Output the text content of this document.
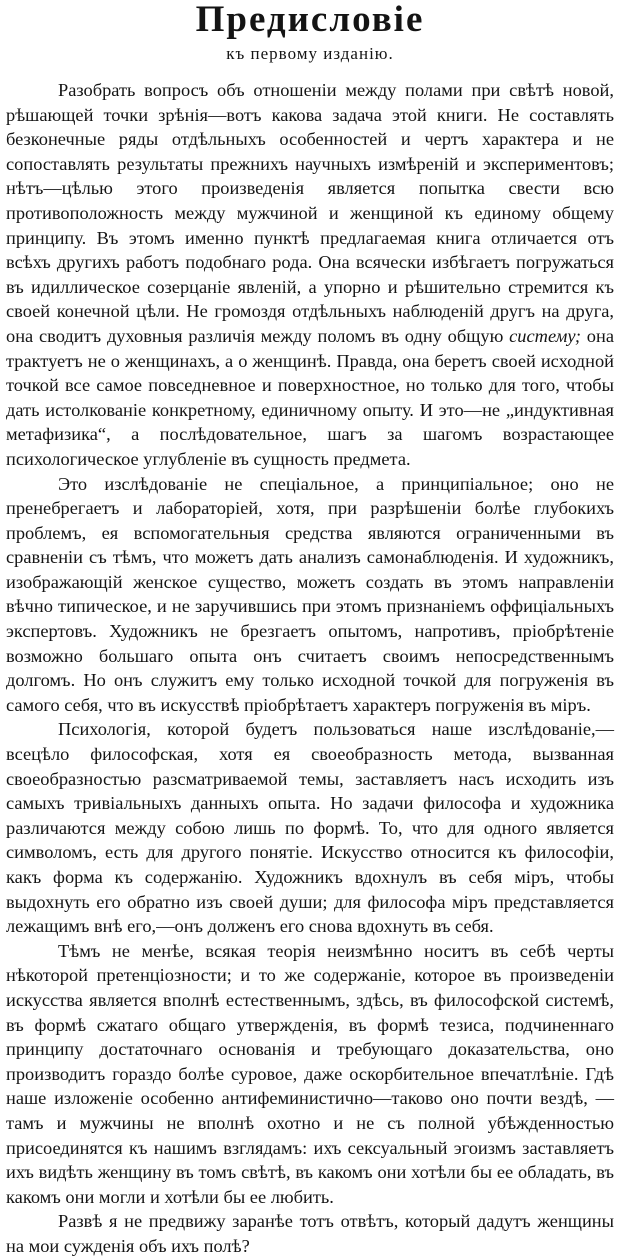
Предисловіе
къ первому изданію.

Разобрать вопросъ объ отношеніи между полами при свѣтѣ новой, рѣшающей точки зрѣнія—вотъ какова задача этой книги. Не составлять безконечные ряды отдѣльныхъ особенностей и чертъ характера и не сопоставлять результаты прежнихъ научныхъ измѣреній и экспериментовъ; нѣтъ—цѣлью этого произведенія является попытка свести всю противоположность между мужчиной и женщиной къ единому общему принципу. Въ этомъ именно пунктѣ предлагаемая книга отличается отъ всѣхъ другихъ работъ подобнаго рода. Она всячески избѣгаетъ погружаться въ идиллическое созерцаніе явленій, а упорно и рѣшительно стремится къ своей конечной цѣли. Не громоздя отдѣльныхъ наблюденій другъ на друга, она сводитъ духовныя различія между поломъ въ одну общую систему; она трактуетъ не о женщинахъ, а о женщинѣ. Правда, она беретъ своей исходной точкой все самое повседневное и поверхностное, но только для того, чтобы дать истолкованіе конкретному, единичному опыту. И это—не „индуктивная метафизика“, а послѣдовательное, шагъ за шагомъ возрастающее психологическое углубленіе въ сущность предмета.

Это изслѣдованіе не спеціальное, а принципіальное; оно не пренебрегаетъ и лабораторіей, хотя, при разрѣшеніи болѣе глубокихъ проблемъ, ея вспомогательныя средства являются ограниченными въ сравненіи съ тѣмъ, что можетъ дать анализъ самонаблюденія. И художникъ, изображающій женское существо, можетъ создать въ этомъ направленіи вѣчно типическое, и не заручившись при этомъ признаніемъ оффиціальныхъ экспертовъ. Художникъ не брезгаетъ опытомъ, напротивъ, пріобрѣтеніе возможно большаго опыта онъ считаетъ своимъ непосредственнымъ долгомъ. Но онъ служитъ ему только исходной точкой для погруженія въ самого себя, что въ искусствѣ пріобрѣтаетъ характеръ погруженія въ міръ.

Психологія, которой будетъ пользоваться наше изслѣдованіе,—всецѣло философская, хотя ея своеобразность метода, вызванная своеобразностью разсматриваемой темы, заставляетъ насъ исходить изъ самыхъ тривіальныхъ данныхъ опыта. Но задачи философа и художника различаются между собою лишь по формѣ. То, что для одного является символомъ, есть для другого понятіе. Искусство относится къ философіи, какъ форма къ содержанію. Художникъ вдохнулъ въ себя міръ, чтобы выдохнуть его обратно изъ своей души; для философа міръ представляется лежащимъ внѣ его,—онъ долженъ его снова вдохнуть въ себя.

Тѣмъ не менѣе, всякая теорія неизмѣнно носитъ въ себѣ черты нѣкоторой претенціозности; и то же содержаніе, которое въ произведеніи искусства является вполнѣ естественнымъ, здѣсь, въ философской системѣ, въ формѣ сжатаго общаго утвержденія, въ формѣ тезиса, подчиненнаго принципу достаточнаго основанія и требующаго доказательства, оно производитъ гораздо болѣе суровое, даже оскорбительное впечатлѣніе. Гдѣ наше изложеніе особенно антифеминистично—таково оно почти вездѣ, —тамъ и мужчины не вполнѣ охотно и не съ полной убѣжденностью присоединятся къ нашимъ взглядамъ: ихъ сексуальный эгоизмъ заставляетъ ихъ видѣть женщину въ томъ свѣтѣ, въ какомъ они хотѣли бы ее обладать, въ какомъ они могли и хотѣли бы ее любить.

Развѣ я не предвижу заранѣе тотъ отвѣтъ, который дадутъ женщины на мои сужденія объ ихъ полѣ?
